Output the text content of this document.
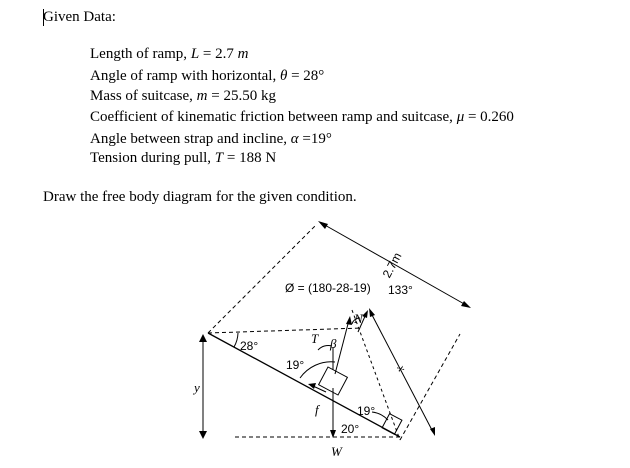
Given Data:
Length of ramp, L = 2.7 m
Angle of ramp with horizontal, θ = 28°
Mass of suitcase, m = 25.50 kg
Coefficient of kinematic friction between ramp and suitcase, μ = 0.260
Angle between strap and incline, α =19°
Tension during pull, T = 188 N
Draw the free body diagram for the given condition.
2.7m
Ø = (180-28-19) 133°
28°
19°
19°
20°
T β
N
f
W
y
x
